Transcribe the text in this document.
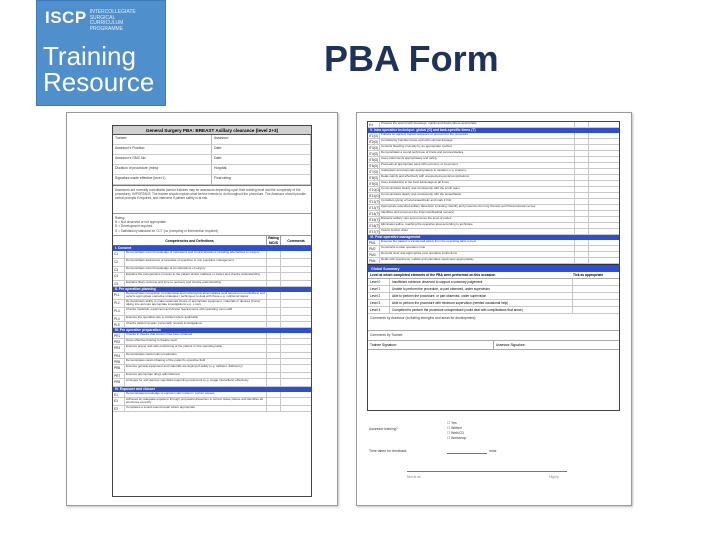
ISCP INTERCOLLEGIATE
SURGICAL
CURRICULUM
PROGRAMME
Training
Resource
PBA Form
General Surgery PBA: BREAST Axillary clearance (level 2+3)
Trainee:	Assessor:
Assessor's Position:	Date:
Assessor's GMC No:	Date:
Duration of procedure (mins):	Hospital:
Signature made effective (level 1)	Final rating
Assessors are normally consultants (senior trainees may be assessors depending upon their training level and the complexity of the procedure). IMPORTANT: The trainee should explain what he/she intends to do throughout the procedure. The Assessor should provide verbal prompts if required, and intervene if patient safety is at risk.
Rating:
N = Not observed or not appropriate
D = Development required
S = Satisfactory standard for CCT (no prompting or intervention required)
Competencies and Definitions
Rating N/D/S	Comments
I. Consent
C1	Demonstrates sound knowledge of indications and contraindications including alternatives to surgery
C2	Demonstrates awareness of sequelae of operative or non operative management
C3	Demonstrates sound knowledge of complications of surgery
C4	Explains the perioperative process to the patient and/or relatives or carers and checks understanding
C5	Explains likely outcome and time to recovery and checks understanding
II. Pre operation planning
PL1	Demonstrates recognition of anatomical and pathological abnormalities (and relevant co-morbidities) and selects appropriate operative strategies / techniques to deal with these e.g. nutritional status
PL2	Demonstrates ability to make reasoned choice of appropriate equipment, materials or devices (if any) taking into account appropriate investigations e.g. x-rays
PL3	Checks materials, equipment and device requirements with operating room staff
PL4	Ensures the operation site is marked where applicable
PL5	Checks patient records, personally reviews investigations
III. Pre operative preparation
PR1	Checks in theatre that consent has been obtained
PR2	Gives effective briefing to theatre team
PR3	Ensures proper and safe positioning of the patient on the operating table
PR4	Demonstrates careful skin preparation
PR5	Demonstrates careful draping of the patient's operative field
PR6	Ensures general equipment and materials are deployed safely (e.g. catheter, diathermy)
PR7	Ensures appropriate drugs administered
PR8	Arranges for and deploys specialist supporting equipment (e.g. image intensifiers) effectively
IV. Exposure and closure
E1	Demonstrates knowledge of optimum skin incision / portal / access
E2	Achieves an adequate exposure through purposeful dissection in correct tissue planes and identifies all structures correctly
E3	Completes a sound wound repair where appropriate
E4	Protects the wound with dressings, splints and drains where appropriate
V. Intra operative technique: global (G) and task-specific items (T)
IT1(G) Follows an agreed, logical sequence or protocol for the procedure
IT2(G) Consistently handles tissue well with minimal damage
IT3(G) Controls bleeding promptly by an appropriate method
IT4(G) Demonstrates a sound technique of knots and sutures/staples
IT5(G) Uses instruments appropriately and safely
IT6(G) Proceeds at appropriate pace with economy of movement
IT7(G) Anticipates and responds appropriately to variation e.g. anatomy
IT8(G) Deals calmly and effectively with unexpected events/complications
IT9(G) Uses assistant(s) to the best advantage at all times
IT10(G) Communicates clearly and consistently with the scrub team
IT11(G) Communicates clearly and consistently with the anaesthetist
IT12(T) Considers giving of local anaesthetic and mark it first
IT13(T) Appropriate extended axillary dissection including: identify and preserves the long thoracic and thoracodorsal nerves
IT14(T) Identifies and preserves the intercostobrachial nerve(s)
IT15(T) Dissects axillary vein and removes the level of nodes
IT16(T) Eliminates saline, reaching the operative area according to technique
IT17(T) Inserts suction drain
VI. Post operative management
PM1	Ensures the patient is transferred safely from the operating table to bed
PM2	Constructs a clear operation note
PM3	Records clear and appropriate post operative instructions
PM4	Deals with specimens. Labels and orientates specimens appropriately
Global Summary
Level at which completed elements of the PBA were performed on this occasion	Tick as appropriate
Level 0	Insufficient evidence observed to support a summary judgement
Level 1	Unable to perform the procedure, or part observed, under supervision
Level 2	Able to perform the procedure, or part observed, under supervision
Level 3	Able to perform the procedure with minimum supervision (needed occasional help)
Level 4	Competent to perform the procedure unsupervised (could deal with complications that arose)
Comments by Assessor (including strengths and areas for development):
Comments by Trainee:
Trainee Signature:	Assessor Signature:
Assessor training?
☐ Yes
☐ Written
☐ Web/CD
☐ Workshop
Time taken for feedback	mins
Not at all	Highly
